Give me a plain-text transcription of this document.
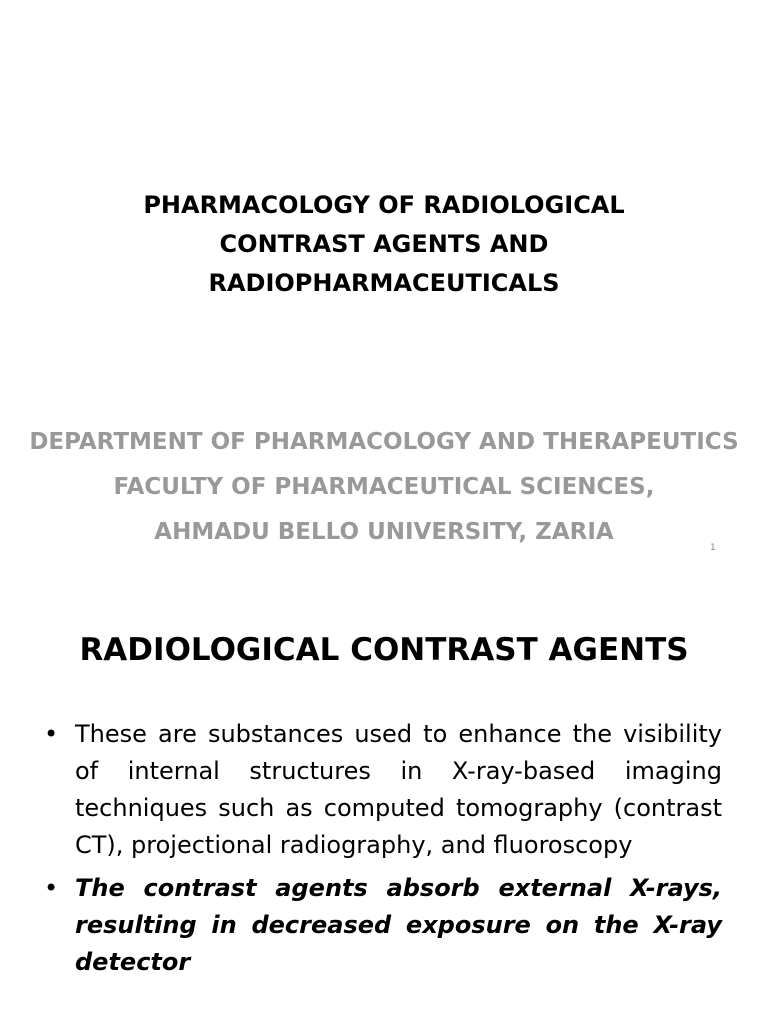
PHARMACOLOGY OF RADIOLOGICAL
CONTRAST AGENTS AND
RADIOPHARMACEUTICALS
DEPARTMENT OF PHARMACOLOGY AND THERAPEUTICS
FACULTY OF PHARMACEUTICAL SCIENCES,
AHMADU BELLO UNIVERSITY, ZARIA
1
RADIOLOGICAL CONTRAST AGENTS
• These are substances used to enhance the visibility of internal structures in X-ray-based imaging techniques such as computed tomography (contrast CT), projectional radiography, and fluoroscopy
• The contrast agents absorb external X-rays, resulting in decreased exposure on the X-ray detector
